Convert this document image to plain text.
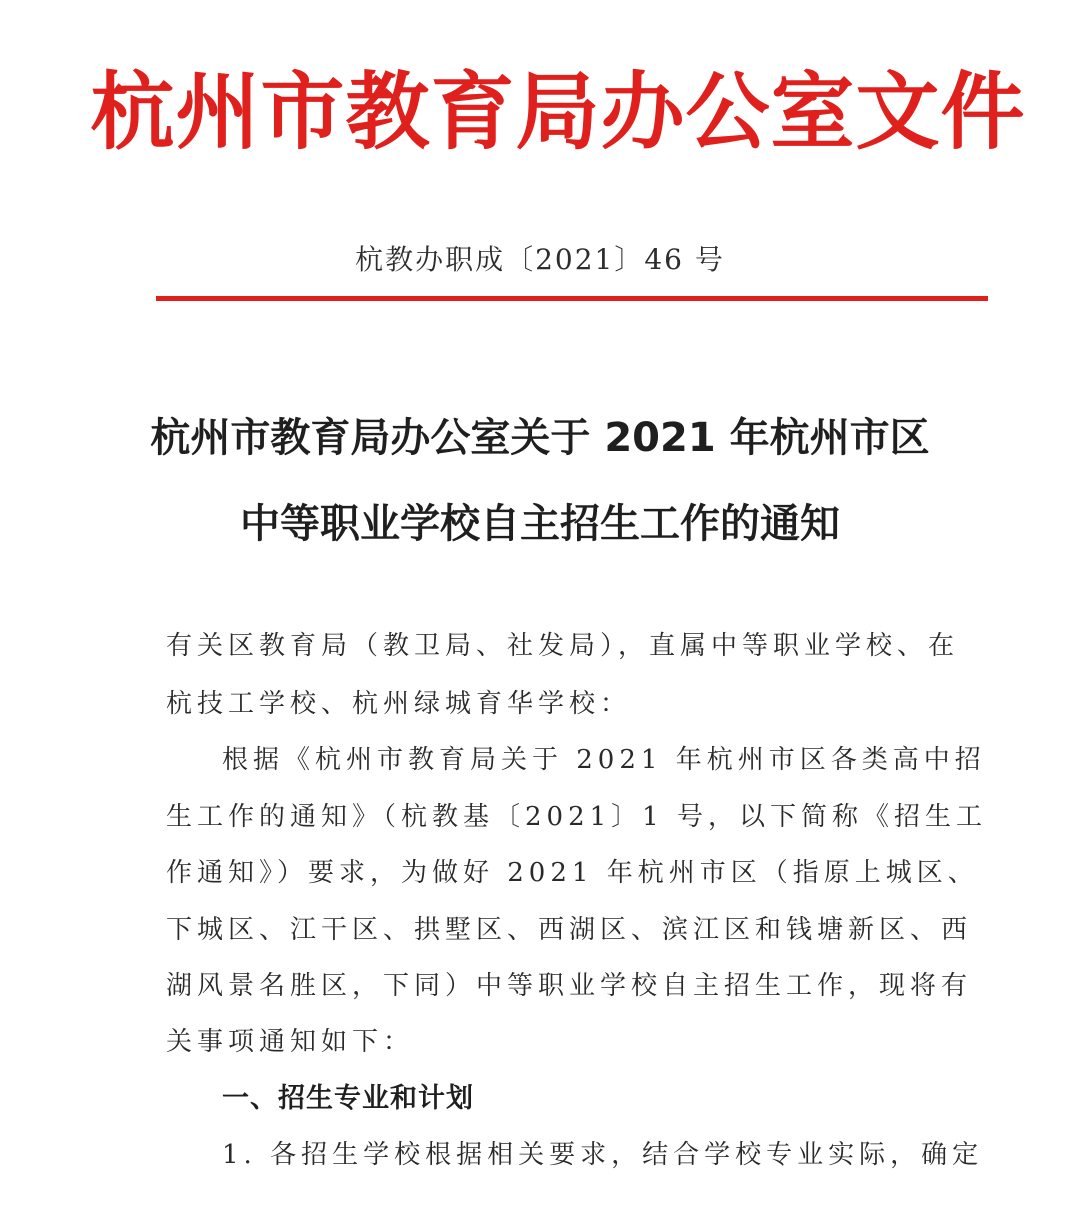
杭州市教育局办公室文件
杭教办职成〔2021〕46 号
杭州市教育局办公室关于 2021 年杭州市区
中等职业学校自主招生工作的通知
有关区教育局（教卫局、社发局），直属中等职业学校、在
杭技工学校、杭州绿城育华学校：
根据《杭州市教育局关于 2021 年杭州市区各类高中招
生工作的通知》（杭教基〔2021〕1 号，以下简称《招生工
作通知》）要求，为做好 2021 年杭州市区（指原上城区、
下城区、江干区、拱墅区、西湖区、滨江区和钱塘新区、西
湖风景名胜区，下同）中等职业学校自主招生工作，现将有
关事项通知如下：
一、招生专业和计划
1. 各招生学校根据相关要求，结合学校专业实际，确定
